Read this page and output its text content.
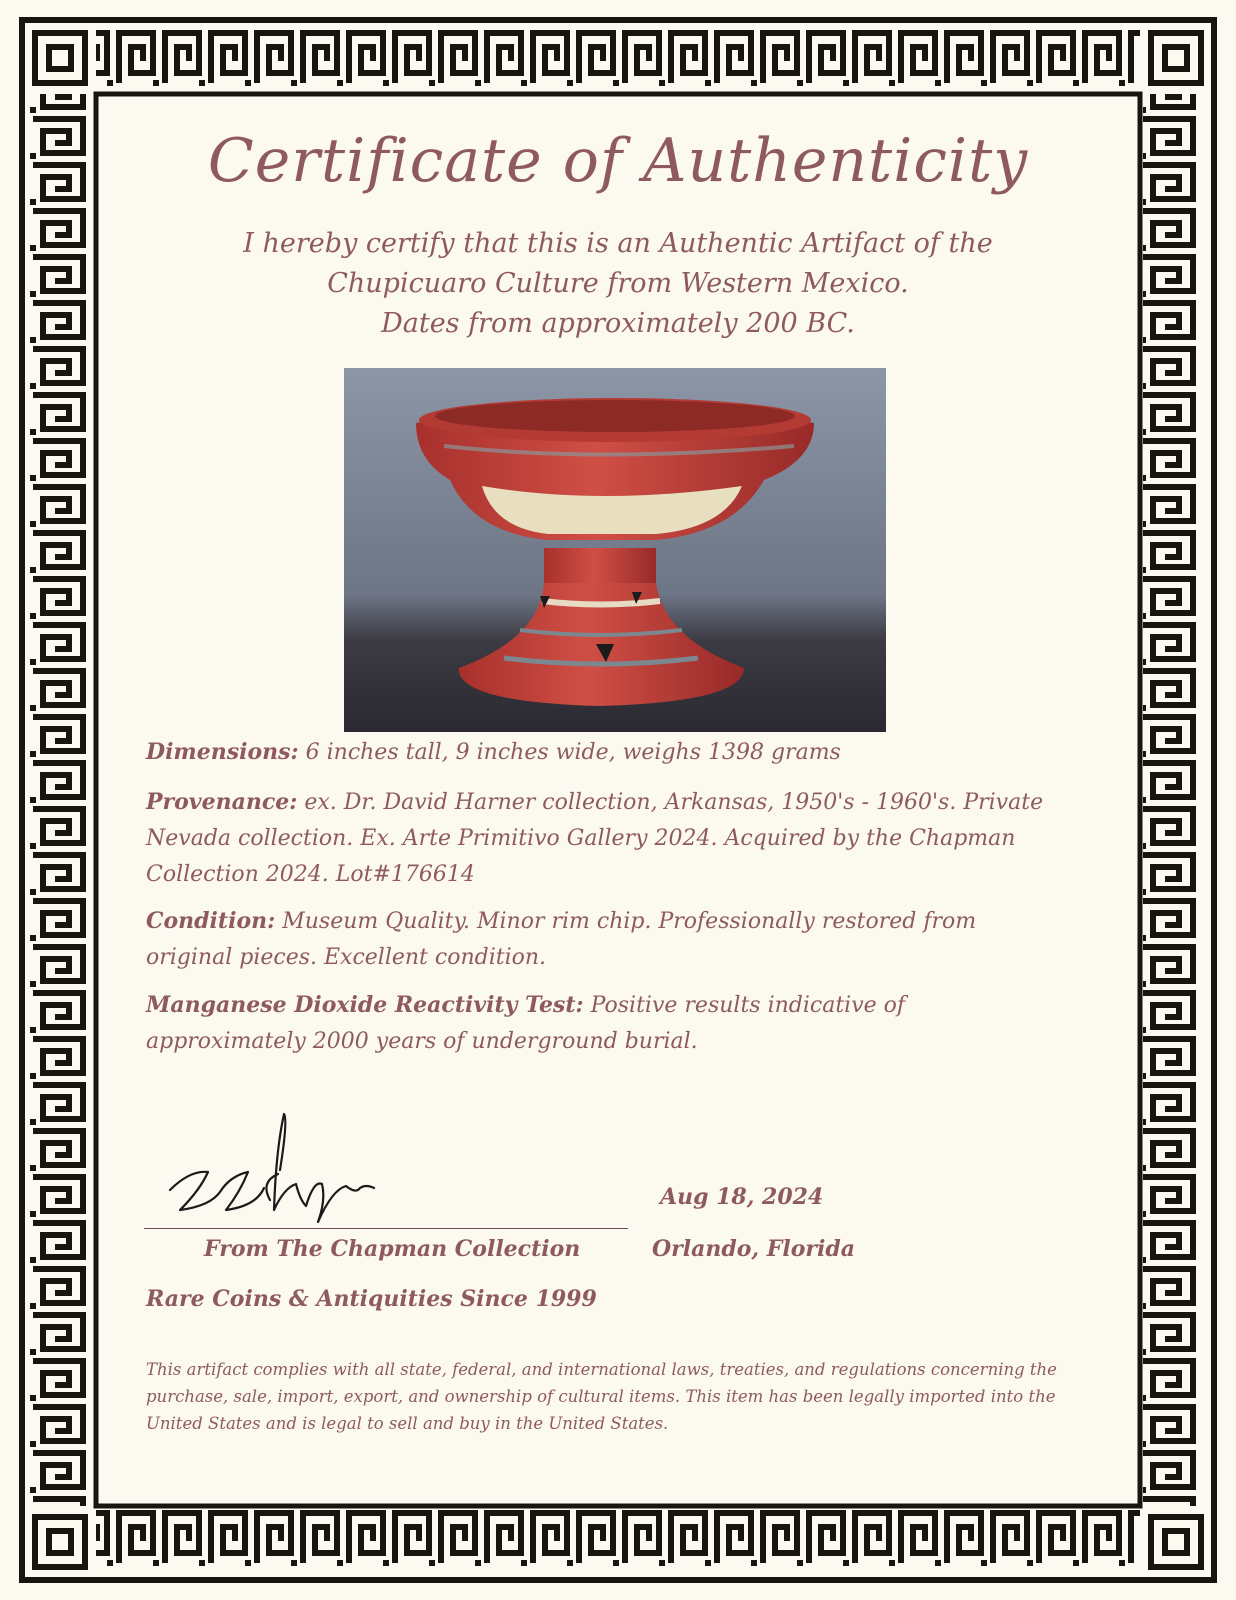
Certificate of Authenticity
I hereby certify that this is an Authentic Artifact of the
Chupicuaro Culture from Western Mexico.
Dates from approximately 200 BC.
Dimensions: 6 inches tall, 9 inches wide, weighs 1398 grams
Provenance: ex. Dr. David Harner collection, Arkansas, 1950's - 1960's. Private Nevada collection. Ex. Arte Primitivo Gallery 2024. Acquired by the Chapman Collection 2024. Lot#176614
Condition: Museum Quality. Minor rim chip. Professionally restored from original pieces. Excellent condition.
Manganese Dioxide Reactivity Test: Positive results indicative of approximately 2000 years of underground burial.
From The Chapman Collection
Aug 18, 2024
Orlando, Florida
Rare Coins & Antiquities Since 1999
This artifact complies with all state, federal, and international laws, treaties, and regulations concerning the purchase, sale, import, export, and ownership of cultural items. This item has been legally imported into the United States and is legal to sell and buy in the United States.
